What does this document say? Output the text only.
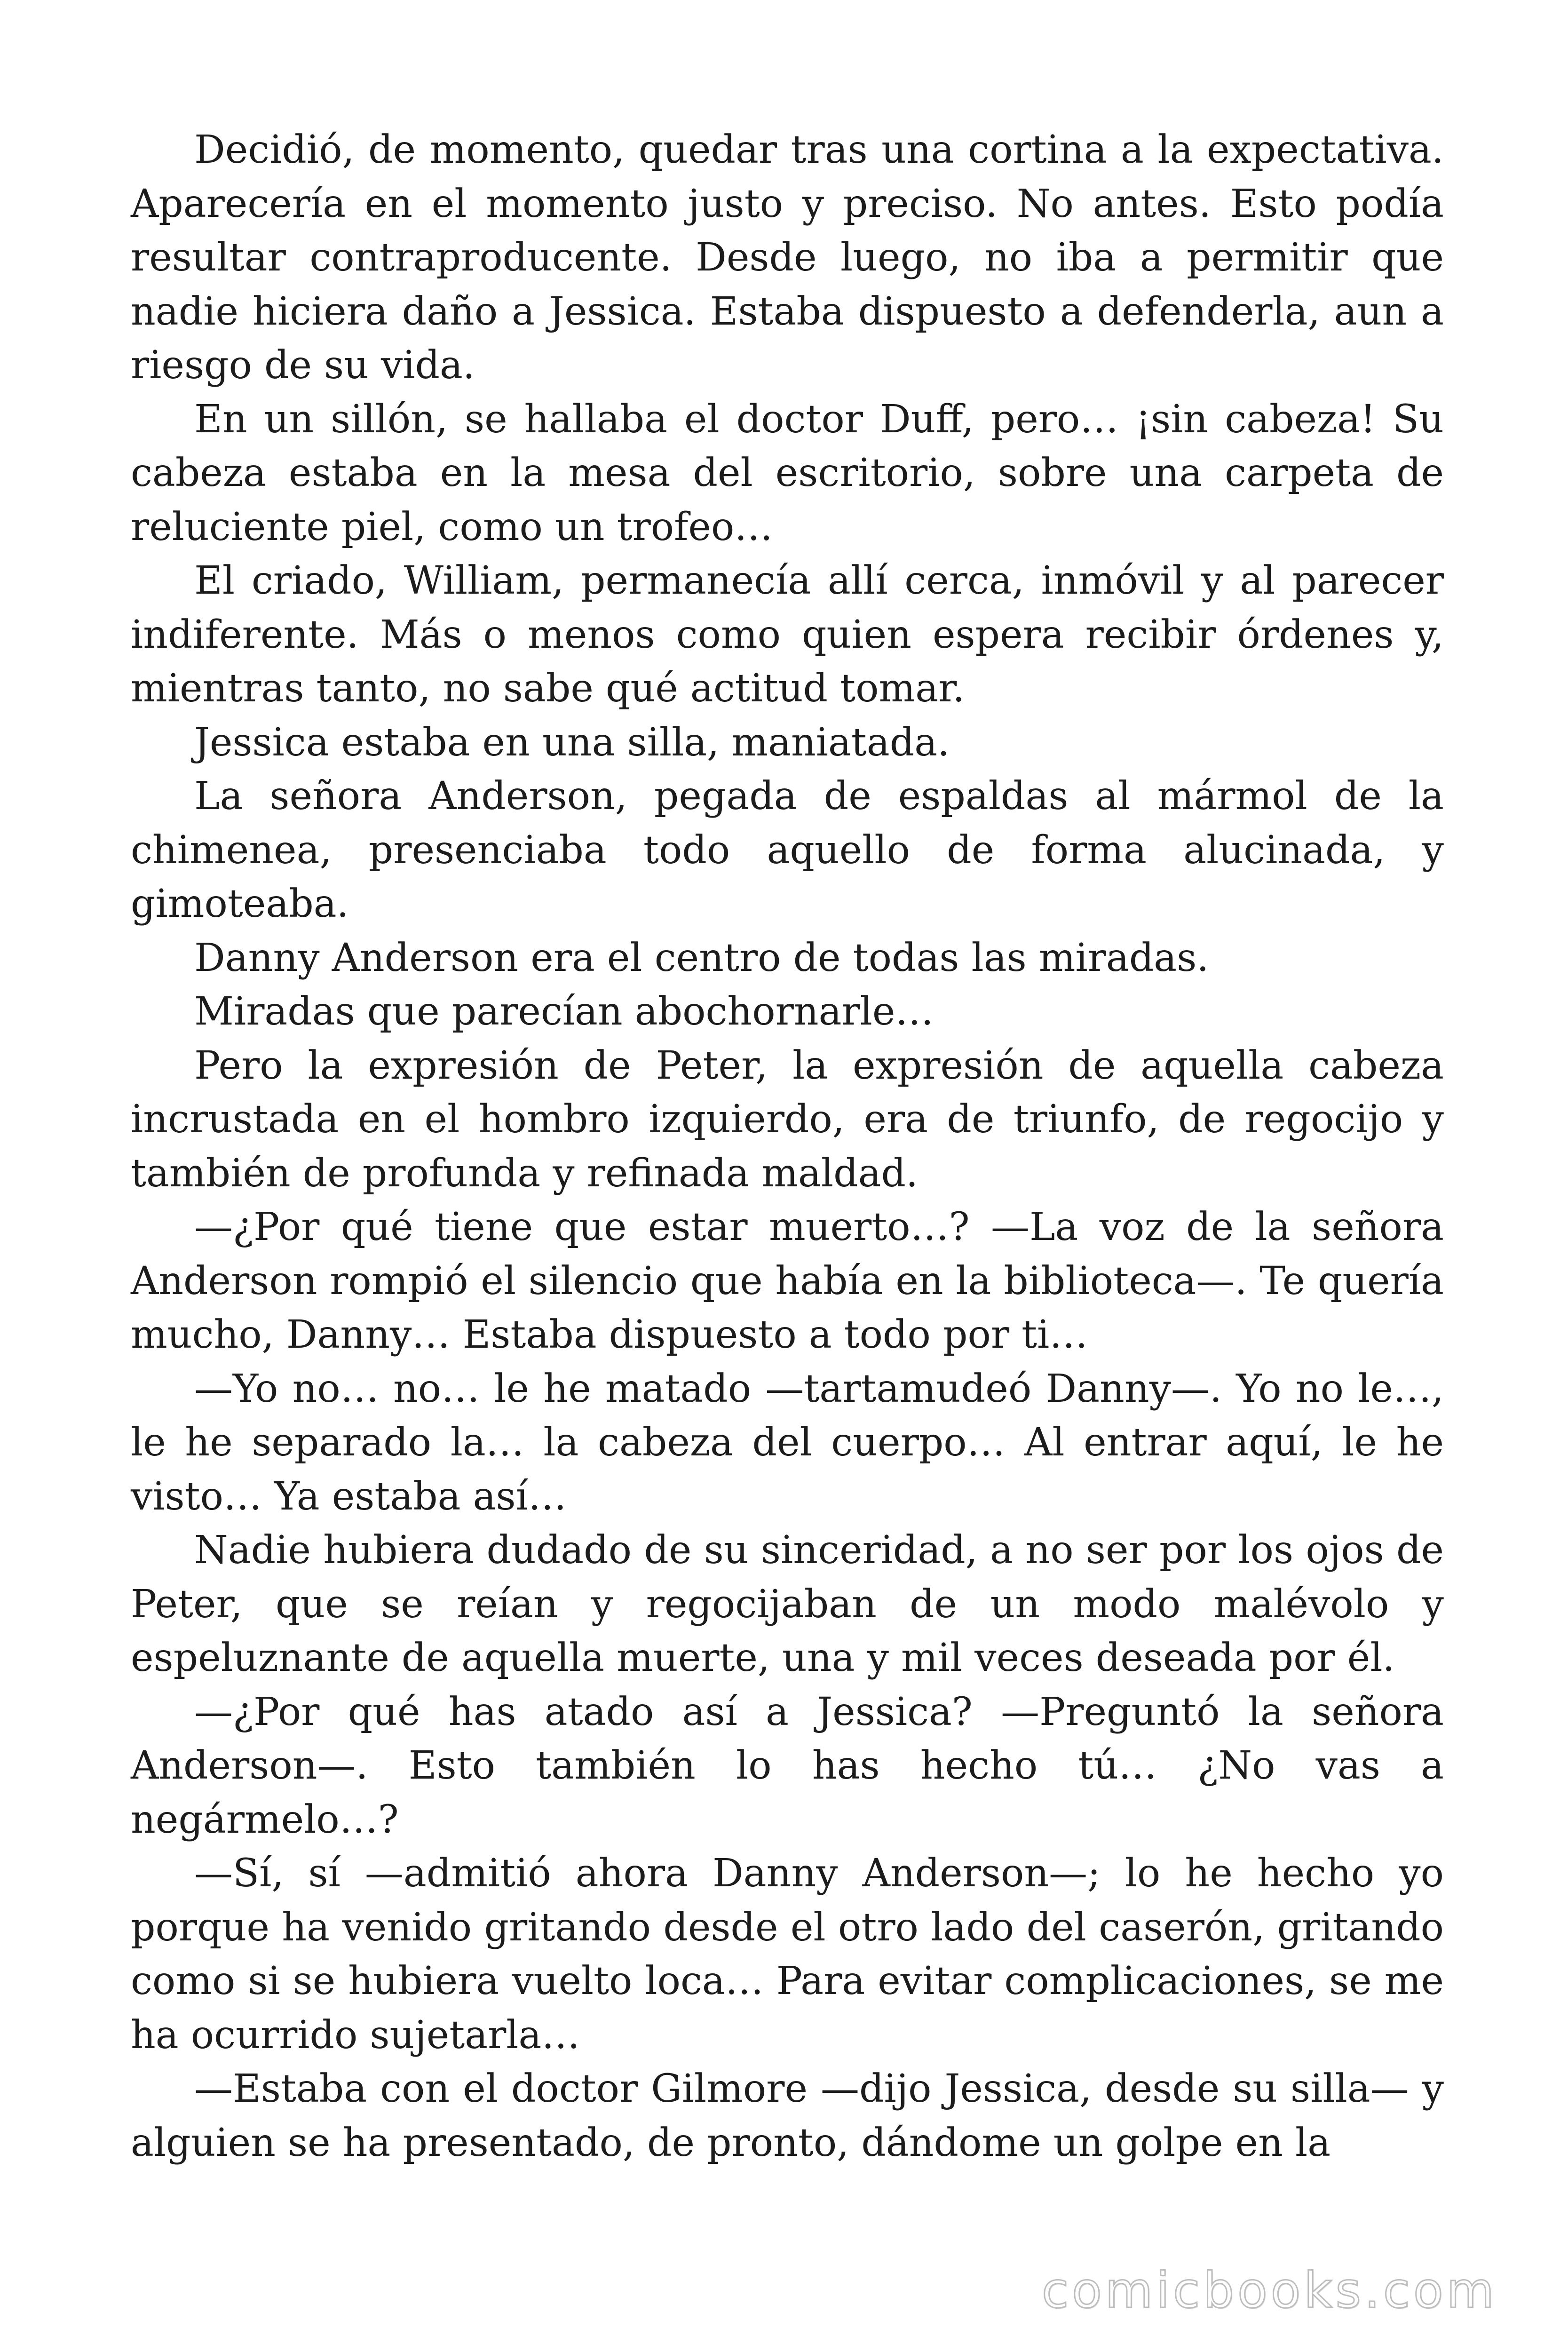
Decidió, de momento, quedar tras una cortina a la expectativa. Aparecería en el momento justo y preciso. No antes. Esto podía resultar contraproducente. Desde luego, no iba a permitir que nadie hiciera daño a Jessica. Estaba dispuesto a defenderla, aun a riesgo de su vida.

En un sillón, se hallaba el doctor Duff, pero… ¡sin cabeza! Su cabeza estaba en la mesa del escritorio, sobre una carpeta de reluciente piel, como un trofeo…

El criado, William, permanecía allí cerca, inmóvil y al parecer indiferente. Más o menos como quien espera recibir órdenes y, mientras tanto, no sabe qué actitud tomar.

Jessica estaba en una silla, maniatada.

La señora Anderson, pegada de espaldas al mármol de la chimenea, presenciaba todo aquello de forma alucinada, y gimoteaba.

Danny Anderson era el centro de todas las miradas.

Miradas que parecían abochornarle…

Pero la expresión de Peter, la expresión de aquella cabeza incrustada en el hombro izquierdo, era de triunfo, de regocijo y también de profunda y refinada maldad.

—¿Por qué tiene que estar muerto…? —La voz de la señora Anderson rompió el silencio que había en la biblioteca—. Te quería mucho, Danny… Estaba dispuesto a todo por ti…

—Yo no… no… le he matado —tartamudeó Danny—. Yo no le…, le he separado la… la cabeza del cuerpo… Al entrar aquí, le he visto… Ya estaba así…

Nadie hubiera dudado de su sinceridad, a no ser por los ojos de Peter, que se reían y regocijaban de un modo malévolo y espeluznante de aquella muerte, una y mil veces deseada por él.

—¿Por qué has atado así a Jessica? —Preguntó la señora Anderson—. Esto también lo has hecho tú… ¿No vas a negármelo…?

—Sí, sí —admitió ahora Danny Anderson—; lo he hecho yo porque ha venido gritando desde el otro lado del caserón, gritando como si se hubiera vuelto loca… Para evitar complicaciones, se me ha ocurrido sujetarla…

—Estaba con el doctor Gilmore —dijo Jessica, desde su silla— y alguien se ha presentado, de pronto, dándome un golpe en la

comicbooks.com
